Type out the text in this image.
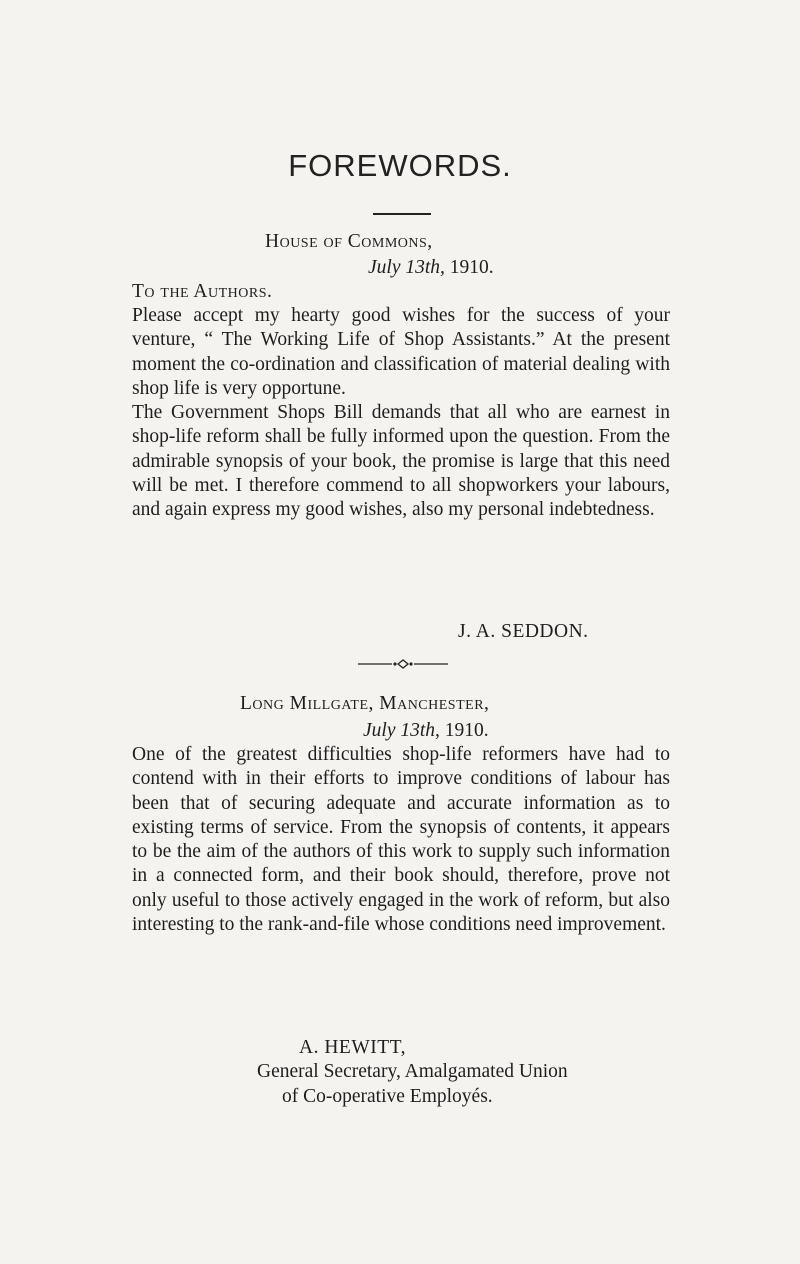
FOREWORDS.
House of Commons,
July 13th, 1910.
To the Authors.

Please accept my hearty good wishes for the success of your venture, “ The Working Life of Shop Assistants.” At the present moment the co-ordination and classification of material dealing with shop life is very opportune.

The Government Shops Bill demands that all who are earnest in shop-life reform shall be fully informed upon the question. From the admirable synopsis of your book, the promise is large that this need will be met. I therefore commend to all shopworkers your labours, and again express my good wishes, also my personal indebtedness.

J. A. SEDDON.
Long Millgate, Manchester,
July 13th, 1910.

One of the greatest difficulties shop-life reformers have had to contend with in their efforts to improve conditions of labour has been that of securing adequate and accurate information as to existing terms of service. From the synopsis of contents, it appears to be the aim of the authors of this work to supply such information in a connected form, and their book should, therefore, prove not only useful to those actively engaged in the work of reform, but also interesting to the rank-and-file whose conditions need improvement.

A. HEWITT,
General Secretary, Amalgamated Union
of Co-operative Employés.
